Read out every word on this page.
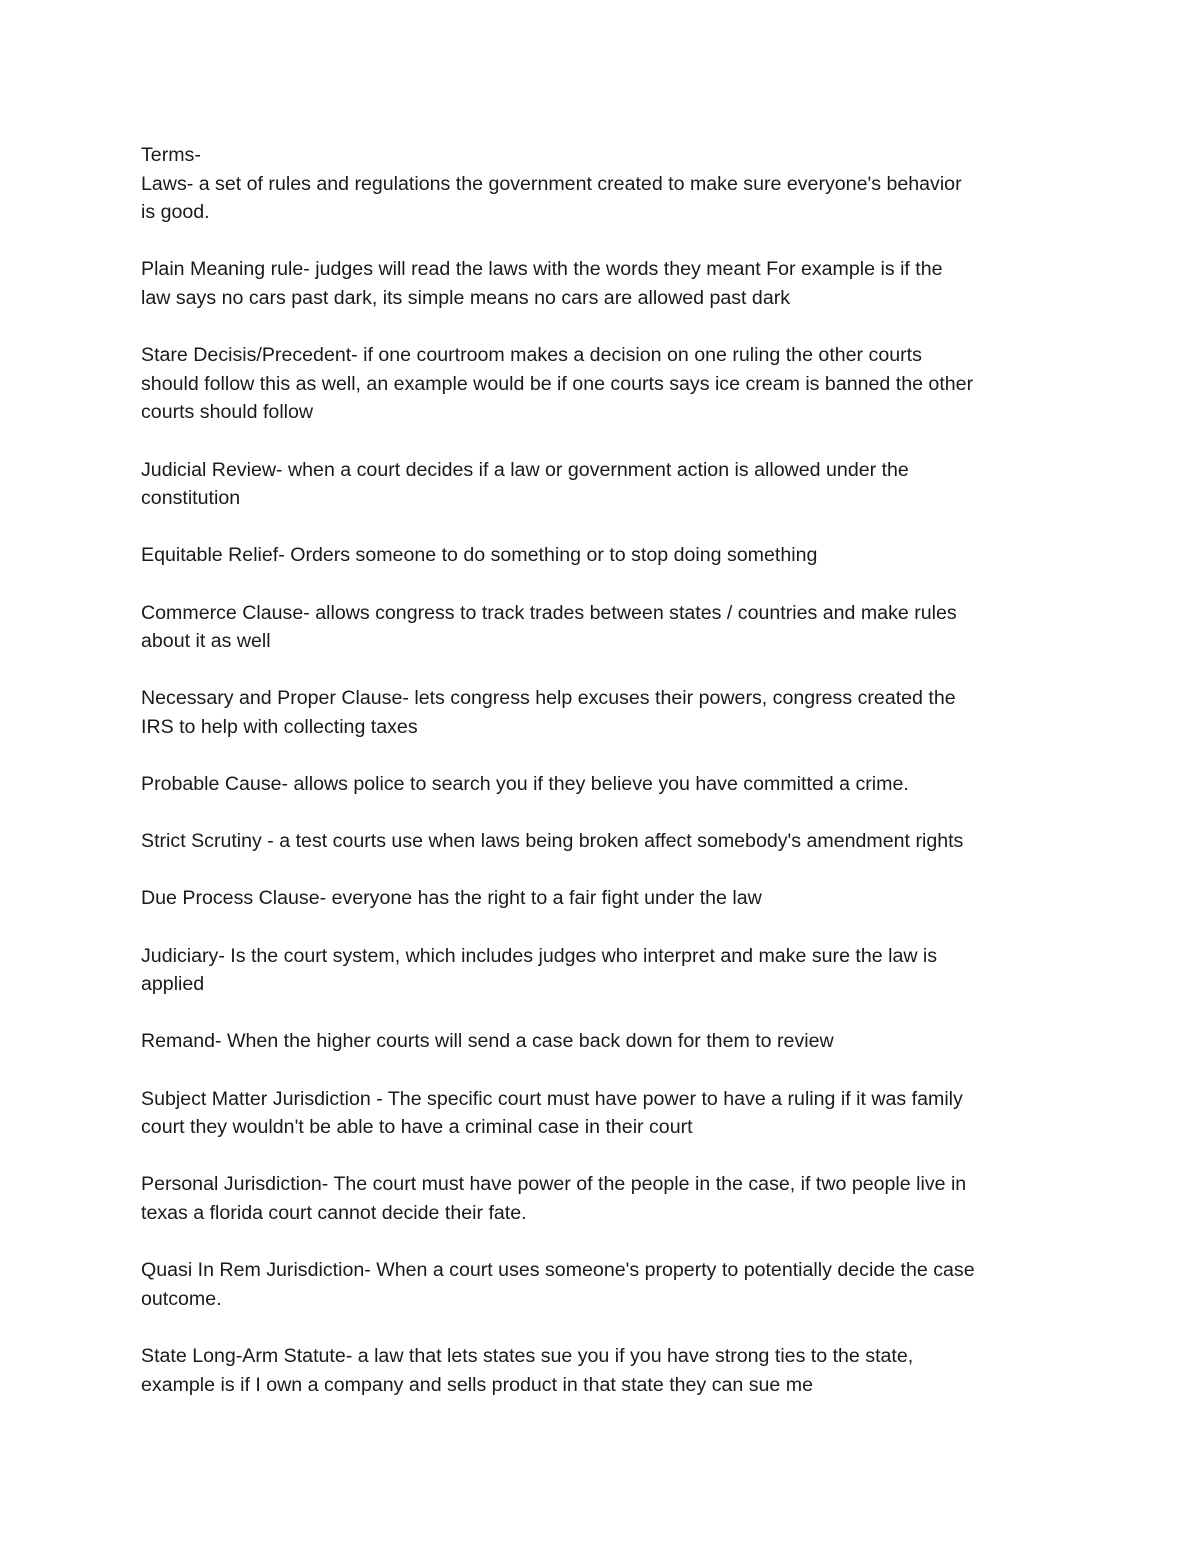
Terms-

Laws- a set of rules and regulations the government created to make sure everyone's behavior
is good.

Plain Meaning rule- judges will read the laws with the words they meant For example is if the
law says no cars past dark, its simple means no cars are allowed past dark

Stare Decisis/Precedent- if one courtroom makes a decision on one ruling the other courts
should follow this as well, an example would be if one courts says ice cream is banned the other
courts should follow

Judicial Review- when a court decides if a law or government action is allowed under the
constitution

Equitable Relief- Orders someone to do something or to stop doing something

Commerce Clause- allows congress to track trades between states / countries and make rules
about it as well

Necessary and Proper Clause- lets congress help excuses their powers, congress created the
IRS to help with collecting taxes

Probable Cause- allows police to search you if they believe you have committed a crime.

Strict Scrutiny - a test courts use when laws being broken affect somebody's amendment rights

Due Process Clause- everyone has the right to a fair fight under the law

Judiciary- Is the court system, which includes judges who interpret and make sure the law is
applied

Remand- When the higher courts will send a case back down for them to review

Subject Matter Jurisdiction - The specific court must have power to have a ruling if it was family
court they wouldn't be able to have a criminal case in their court

Personal Jurisdiction- The court must have power of the people in the case, if two people live in
texas a florida court cannot decide their fate.

Quasi In Rem Jurisdiction- When a court uses someone's property to potentially decide the case
outcome.

State Long-Arm Statute- a law that lets states sue you if you have strong ties to the state,
example is if I own a company and sells product in that state they can sue me
